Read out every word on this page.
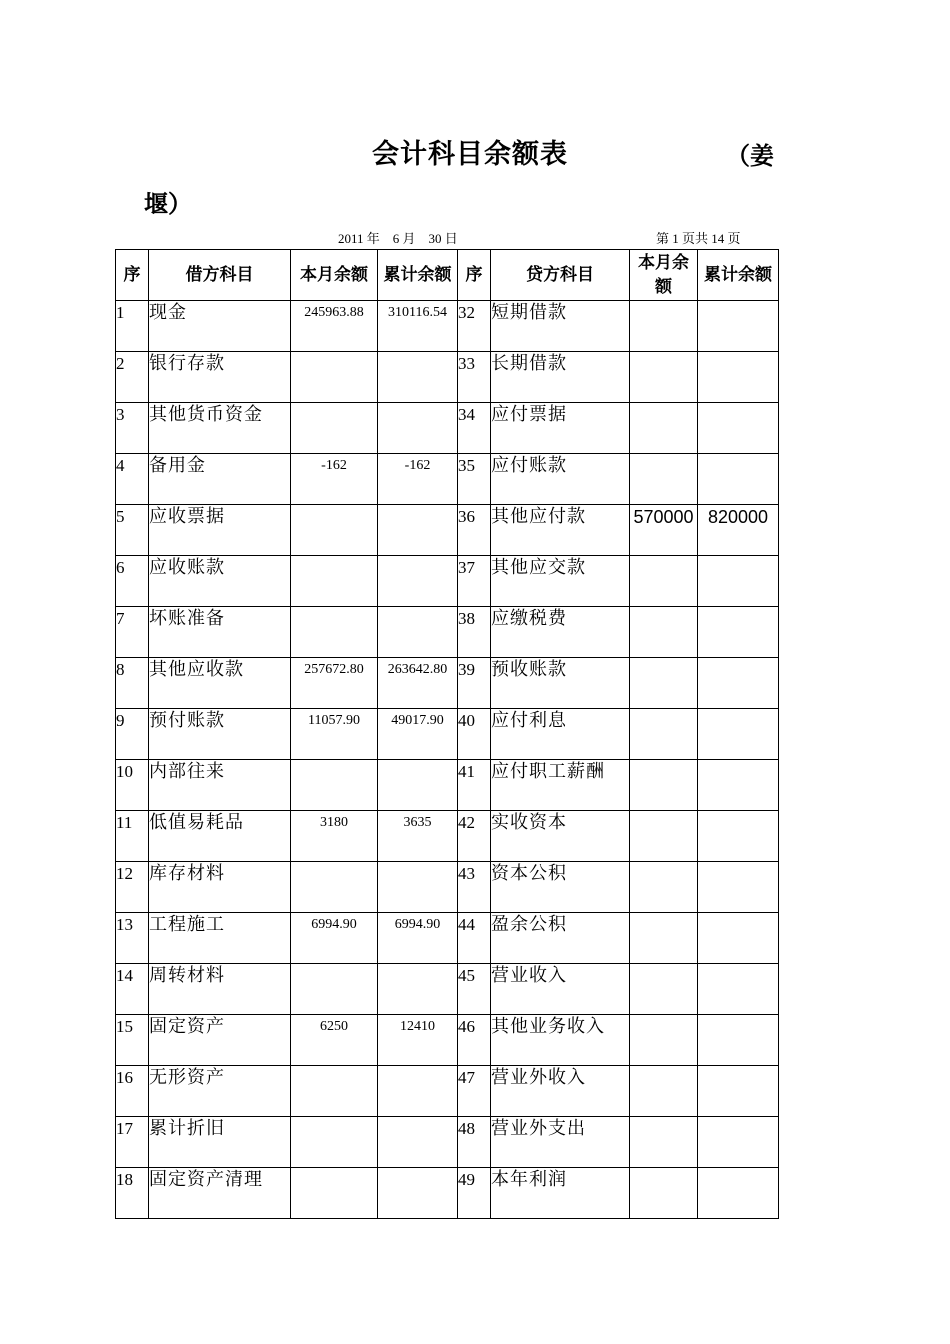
会计科目余额表	（姜
堰）
2011 年　6 月　30 日	第 1 页共 14 页
序	借方科目	本月余额	累计余额	序	贷方科目	本月余额	累计余额
1	现金	245963.88	310116.54	32	短期借款		
2	银行存款			33	长期借款		
3	其他货币资金			34	应付票据		
4	备用金	-162	-162	35	应付账款		
5	应收票据			36	其他应付款	570000	820000
6	应收账款			37	其他应交款		
7	坏账准备			38	应缴税费		
8	其他应收款	257672.80	263642.80	39	预收账款		
9	预付账款	11057.90	49017.90	40	应付利息		
10	内部往来			41	应付职工薪酬		
11	低值易耗品	3180	3635	42	实收资本		
12	库存材料			43	资本公积		
13	工程施工	6994.90	6994.90	44	盈余公积		
14	周转材料			45	营业收入		
15	固定资产	6250	12410	46	其他业务收入		
16	无形资产			47	营业外收入		
17	累计折旧			48	营业外支出		
18	固定资产清理			49	本年利润		
